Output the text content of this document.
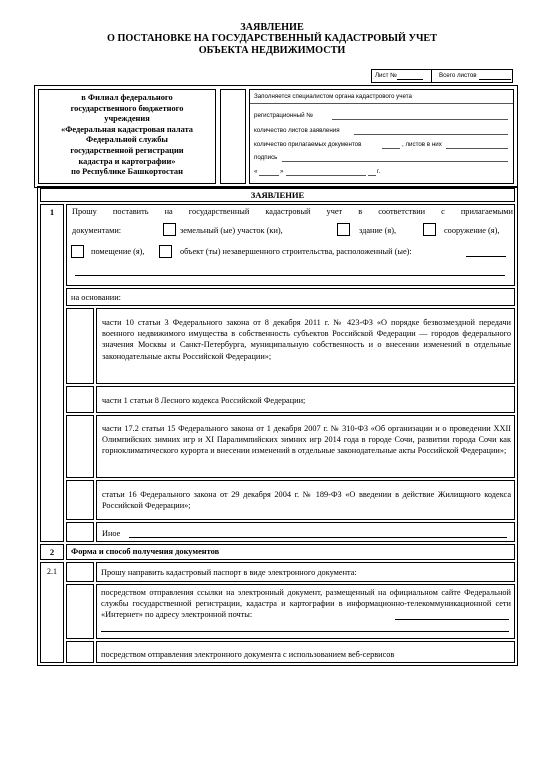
ЗАЯВЛЕНИЕ
О ПОСТАНОВКЕ НА ГОСУДАРСТВЕННЫЙ КАДАСТРОВЫЙ УЧЕТ
ОБЪЕКТА НЕДВИЖИМОСТИ
Лист №	Всего листов
в Филиал федерального
государственного бюджетного
учреждения
«Федеральная кадастровая палата
Федеральной службы
государственной регистрации
кадастра и картографии»
по Республике Башкортостан
Заполняется специалистом органа кадастрового учета
регистрационный №
количество листов заявления
количество прилагаемых документов	, листов в них
подпись
«	»	г.
ЗАЯВЛЕНИЕ
1	Прошу поставить на государственный кадастровый учет в соответствии с прилагаемыми
документами:	земельный (ые) участок (ки),	здание (я),	сооружение (я),
помещение (я),	объект (ты) незавершенного строительства, расположенный (ые):
на основании:
части 10 статьи 3 Федерального закона от 8 декабря 2011 г. № 423-ФЗ «О порядке безвозмездной передачи военного недвижимого имущества в собственность субъектов Российской Федерации — городов федерального значения Москвы и Санкт-Петербурга, муниципальную собственность и о внесении изменений в отдельные законодательные акты Российской Федерации»;
части 1 статьи 8 Лесного кодекса Российской Федерации;
части 17.2 статьи 15 Федерального закона от 1 декабря 2007 г. № 310-ФЗ «Об организации и о проведении XXII Олимпийских зимних игр и XI Паралимпийских зимних игр 2014 года в городе Сочи, развитии города Сочи как горноклиматического курорта и внесении изменений в отдельные законодательные акты Российской Федерации»;
статьи 16 Федерального закона от 29 декабря 2004 г. № 189-ФЗ «О введении в действие Жилищного кодекса Российской Федерации»;
Иное
2	Форма и способ получения документов
2.1	Прошу направить кадастровый паспорт в виде электронного документа:
посредством отправления ссылки на электронный документ, размещенный на официальном сайте Федеральной службы государственной регистрации, кадастра и картографии в информационно-телекоммуникационной сети «Интернет» по адресу электронной почты:
посредством отправления электронного документа с использованием веб-сервисов
